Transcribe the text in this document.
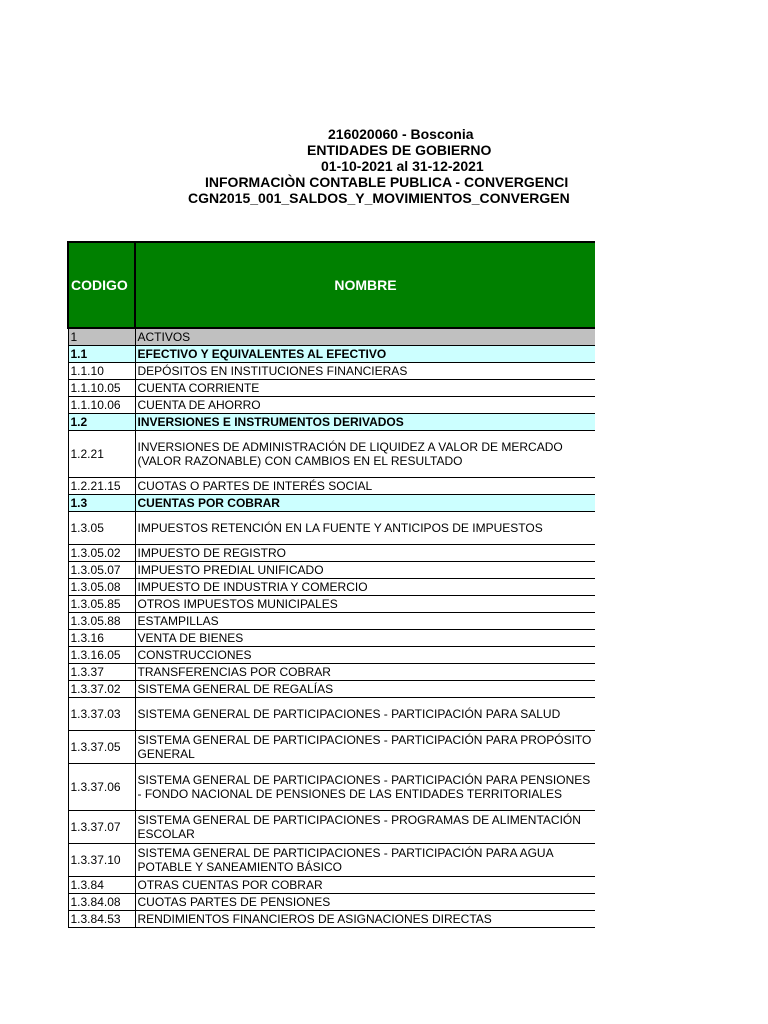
216020060 - Bosconia
ENTIDADES DE GOBIERNO
01-10-2021 al 31-12-2021
INFORMACIÒN CONTABLE PUBLICA - CONVERGENCI
CGN2015_001_SALDOS_Y_MOVIMIENTOS_CONVERGEN
CODIGO	NOMBRE
1	ACTIVOS
1.1	EFECTIVO Y EQUIVALENTES AL EFECTIVO
1.1.10	DEPÓSITOS EN INSTITUCIONES FINANCIERAS
1.1.10.05	CUENTA CORRIENTE
1.1.10.06	CUENTA DE AHORRO
1.2	INVERSIONES E INSTRUMENTOS DERIVADOS
1.2.21	INVERSIONES DE ADMINISTRACIÓN DE LIQUIDEZ A VALOR DE MERCADO (VALOR RAZONABLE) CON CAMBIOS EN EL RESULTADO
1.2.21.15	CUOTAS O PARTES DE INTERÉS SOCIAL
1.3	CUENTAS POR COBRAR
1.3.05	IMPUESTOS RETENCIÓN EN LA FUENTE Y ANTICIPOS DE IMPUESTOS
1.3.05.02	IMPUESTO DE REGISTRO
1.3.05.07	IMPUESTO PREDIAL UNIFICADO
1.3.05.08	IMPUESTO DE INDUSTRIA Y COMERCIO
1.3.05.85	OTROS IMPUESTOS MUNICIPALES
1.3.05.88	ESTAMPILLAS
1.3.16	VENTA DE BIENES
1.3.16.05	CONSTRUCCIONES
1.3.37	TRANSFERENCIAS POR COBRAR
1.3.37.02	SISTEMA GENERAL DE REGALÍAS
1.3.37.03	SISTEMA GENERAL DE PARTICIPACIONES - PARTICIPACIÓN PARA SALUD
1.3.37.05	SISTEMA GENERAL DE PARTICIPACIONES - PARTICIPACIÓN PARA PROPÓSITO GENERAL
1.3.37.06	SISTEMA GENERAL DE PARTICIPACIONES - PARTICIPACIÓN PARA PENSIONES - FONDO NACIONAL DE PENSIONES DE LAS ENTIDADES TERRITORIALES
1.3.37.07	SISTEMA GENERAL DE PARTICIPACIONES - PROGRAMAS DE ALIMENTACIÓN ESCOLAR
1.3.37.10	SISTEMA GENERAL DE PARTICIPACIONES - PARTICIPACIÓN PARA AGUA POTABLE Y SANEAMIENTO BÁSICO
1.3.84	OTRAS CUENTAS POR COBRAR
1.3.84.08	CUOTAS PARTES DE PENSIONES
1.3.84.53	RENDIMIENTOS FINANCIEROS DE ASIGNACIONES DIRECTAS
